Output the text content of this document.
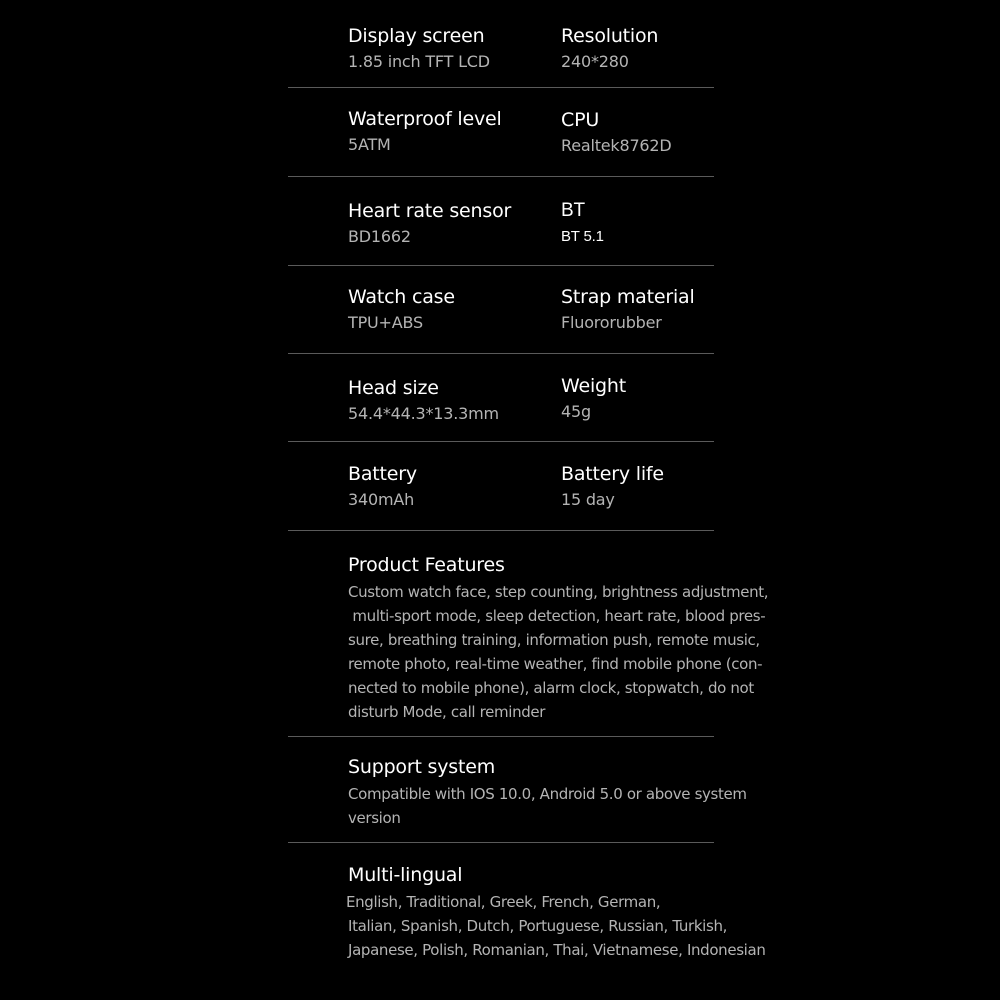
Display screen
1.85 inch TFT LCD
Resolution
240*280
Waterproof level
5ATM
CPU
Realtek8762D
Heart rate sensor
BD1662
BT
BT 5.1
Watch case
TPU+ABS
Strap material
Fluororubber
Head size
54.4*44.3*13.3mm
Weight
45g
Battery
340mAh
Battery life
15 day
Product Features
Custom watch face, step counting, brightness adjustment,
multi-sport mode, sleep detection, heart rate, blood pres-
sure, breathing training, information push, remote music,
remote photo, real-time weather, find mobile phone (con-
nected to mobile phone), alarm clock, stopwatch, do not
disturb Mode, call reminder
Support system
Compatible with IOS 10.0, Android 5.0 or above system
version
Multi-lingual
English, Traditional, Greek, French, German,
Italian, Spanish, Dutch, Portuguese, Russian, Turkish,
Japanese, Polish, Romanian, Thai, Vietnamese, Indonesian
